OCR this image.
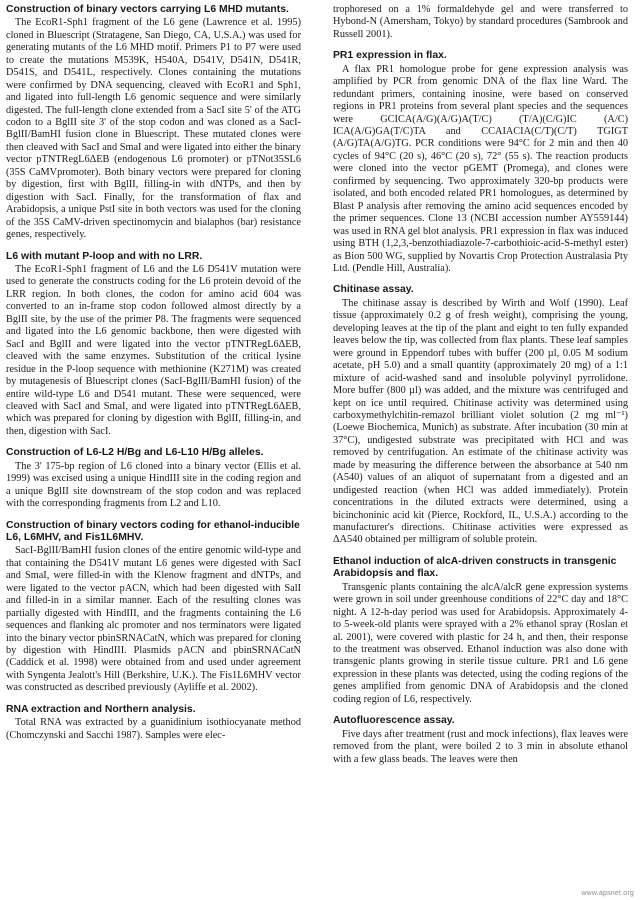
Construction of binary vectors carrying L6 MHD mutants.

The EcoR1-Sph1 fragment of the L6 gene (Lawrence et al. 1995) cloned in Bluescript (Stratagene, San Diego, CA, U.S.A.) was used for generating mutants of the L6 MHD motif. Primers P1 to P7 were used to create the mutations M539K, H540A, D541V, D541N, D541R, D541S, and D541L, respectively. Clones containing the mutations were confirmed by DNA sequencing, cleaved with EcoR1 and Sph1, and ligated into full-length L6 genomic sequence and were similarly digested. The full-length clone extended from a SacI site 5' of the ATG codon to a BglII site 3' of the stop codon and was cloned as a SacI-BglII/BamHI fusion clone in Bluescript. These mutated clones were then cleaved with SacI and SmaI and were ligated into either the binary vector pTNTRegL6ΔEB (endogenous L6 promoter) or pTNot35SL6 (35S CaMVpromoter). Both binary vectors were prepared for cloning by digestion, first with BglII, filling-in with dNTPs, and then by digestion with SacI. Finally, for the transformation of flax and Arabidopsis, a unique PstI site in both vectors was used for the cloning of the 35S CaMV-driven spectinomycin and bialaphos (bar) resistance genes, respectively.

L6 with mutant P-loop and with no LRR.

The EcoR1-Sph1 fragment of L6 and the L6 D541V mutation were used to generate the constructs coding for the L6 protein devoid of the LRR region. In both clones, the codon for amino acid 604 was converted to an in-frame stop codon followed almost directly by a BglII site, by the use of the primer P8. The fragments were sequenced and ligated into the L6 genomic backbone, then were digested with SacI and BglII and were ligated into the vector pTNTRegL6ΔEB, cleaved with the same enzymes. Substitution of the critical lysine residue in the P-loop sequence with methionine (K271M) was created by mutagenesis of Bluescript clones (SacI-BglII/BamHI fusion) of the entire wild-type L6 and D541 mutant. These were sequenced, were cleaved with SacI and SmaI, and were ligated into pTNTRegL6ΔEB, which was prepared for cloning by digestion with BglII, filling-in, and then, digestion with SacI.

Construction of L6-L2 H/Bg and L6-L10 H/Bg alleles.

The 3' 175-bp region of L6 cloned into a binary vector (Ellis et al. 1999) was excised using a unique HindIII site in the coding region and a unique BglII site downstream of the stop codon and was replaced with the corresponding fragments from L2 and L10.

Construction of binary vectors coding for ethanol-inducible L6, L6MHV, and Fis1L6MHV.

SacI-BglII/BamHI fusion clones of the entire genomic wild-type and that containing the D541V mutant L6 genes were digested with SacI and SmaI, were filled-in with the Klenow fragment and dNTPs, and were ligated to the vector pACN, which had been digested with SalI and filled-in in a similar manner. Each of the resulting clones was partially digested with HindIII, and the fragments containing the L6 sequences and flanking alc promoter and nos terminators were ligated into the binary vector pbinSRNACatN, which was prepared for cloning by digestion with HindIII. Plasmids pACN and pbinSRNACatN (Caddick et al. 1998) were obtained from and used under agreement with Syngenta Jealott's Hill (Berkshire, U.K.). The Fis1L6MHV vector was constructed as described previously (Ayliffe et al. 2002).

RNA extraction and Northern analysis.

Total RNA was extracted by a guanidinium isothiocyanate method (Chomczynski and Sacchi 1987). Samples were elec-

trophoresed on a 1% formaldehyde gel and were transferred to Hybond-N (Amersham, Tokyo) by standard procedures (Sambrook and Russell 2001).

PR1 expression in flax.

A flax PR1 homologue probe for gene expression analysis was amplified by PCR from genomic DNA of the flax line Ward. The redundant primers, containing inosine, were based on conserved regions in PR1 proteins from several plant species and the sequences were GCICA(A/G)(A/G)A(T/C) (T/A)(C/G)IC (A/C) ICA(A/G)GA(T/C)TA and CCAIACIA(C/T)(C/T) TGIGT (A/G)TA(A/G)TG. PCR conditions were 94°C for 2 min and then 40 cycles of 94°C (20 s), 46°C (20 s), 72° (55 s). The reaction products were cloned into the vector pGEMT (Promega), and clones were confirmed by sequencing. Two approximately 320-bp products were isolated, and both encoded related PR1 homologues, as determined by Blast P analysis after removing the amino acid sequences encoded by the primer sequences. Clone 13 (NCBI accession number AY559144) was used in RNA gel blot analysis. PR1 expression in flax was induced using BTH (1,2,3,-benzothiadiazole-7-carbothioic-acid-S-methyl ester) as Bion 500 WG, supplied by Novartis Crop Protection Australasia Pty Ltd. (Pendle Hill, Australia).

Chitinase assay.

The chitinase assay is described by Wirth and Wolf (1990). Leaf tissue (approximately 0.2 g of fresh weight), comprising the young, developing leaves at the tip of the plant and eight to ten fully expanded leaves below the tip, was collected from flax plants. These leaf samples were ground in Eppendorf tubes with buffer (200 µl, 0.05 M sodium acetate, pH 5.0) and a small quantity (approximately 20 mg) of a 1:1 mixture of acid-washed sand and insoluble polyvinyl pyrrolidone. More buffer (800 µl) was added, and the mixture was centrifuged and kept on ice until required. Chitinase activity was determined using carboxymethylchitin-remazol brilliant violet solution (2 mg ml⁻¹) (Loewe Biochemica, Munich) as substrate. After incubation (30 min at 37°C), undigested substrate was precipitated with HCl and was removed by centrifugation. An estimate of the chitinase activity was made by measuring the difference between the absorbance at 540 nm (A540) values of an aliquot of supernatant from a digested and an undigested reaction (when HCl was added immediately). Protein concentrations in the diluted extracts were determined, using a bicinchoninic acid kit (Pierce, Rockford, IL, U.S.A.) according to the manufacturer's directions. Chitinase activities were expressed as ΔA540 obtained per milligram of soluble protein.

Ethanol induction of alcA-driven constructs in transgenic Arabidopsis and flax.

Transgenic plants containing the alcA/alcR gene expression systems were grown in soil under greenhouse conditions of 22°C day and 18°C night. A 12-h-day period was used for Arabidopsis. Approximately 4- to 5-week-old plants were sprayed with a 2% ethanol spray (Roslan et al. 2001), were covered with plastic for 24 h, and then, their response to the treatment was observed. Ethanol induction was also done with transgenic plants growing in sterile tissue culture. PR1 and L6 gene expression in these plants was detected, using the coding regions of the genes amplified from genomic DNA of Arabidopsis and the cloned coding region of L6, respectively.

Autofluorescence assay.

Five days after treatment (rust and mock infections), flax leaves were removed from the plant, were boiled 2 to 3 min in absolute ethanol with a few glass beads. The leaves were then

www.apsnet.org
